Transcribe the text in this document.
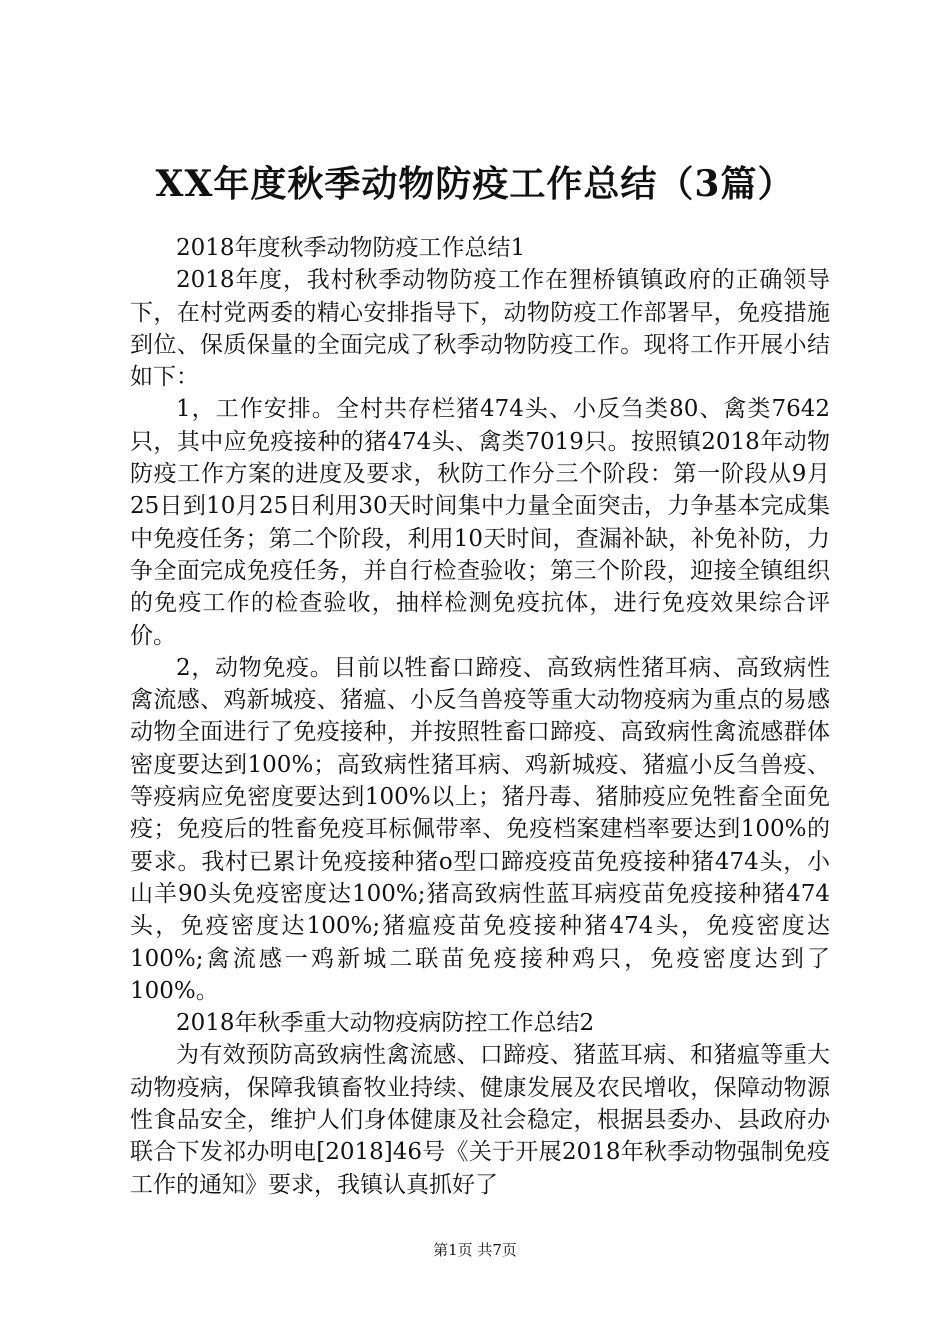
XX年度秋季动物防疫工作总结（3篇）

2018年度秋季动物防疫工作总结1

2018年度，我村秋季动物防疫工作在狸桥镇镇政府的正确领导下，在村党两委的精心安排指导下，动物防疫工作部署早，免疫措施到位、保质保量的全面完成了秋季动物防疫工作。现将工作开展小结如下：

1，工作安排。全村共存栏猪474头、小反刍类80、禽类7642只，其中应免疫接种的猪474头、禽类7019只。按照镇2018年动物防疫工作方案的进度及要求，秋防工作分三个阶段：第一阶段从9月25日到10月25日利用30天时间集中力量全面突击，力争基本完成集中免疫任务；第二个阶段，利用10天时间，查漏补缺，补免补防，力争全面完成免疫任务，并自行检查验收；第三个阶段，迎接全镇组织的免疫工作的检查验收，抽样检测免疫抗体，进行免疫效果综合评价。

2，动物免疫。目前以牲畜口蹄疫、高致病性猪耳病、高致病性禽流感、鸡新城疫、猪瘟、小反刍兽疫等重大动物疫病为重点的易感动物全面进行了免疫接种，并按照牲畜口蹄疫、高致病性禽流感群体密度要达到100%；高致病性猪耳病、鸡新城疫、猪瘟小反刍兽疫、等疫病应免密度要达到100%以上；猪丹毒、猪肺疫应免牲畜全面免疫；免疫后的牲畜免疫耳标佩带率、免疫档案建档率要达到100%的要求。我村已累计免疫接种猪o型口蹄疫疫苗免疫接种猪474头，小山羊90头免疫密度达100%;猪高致病性蓝耳病疫苗免疫接种猪474头，免疫密度达100%;猪瘟疫苗免疫接种猪474头，免疫密度达100%;禽流感一鸡新城二联苗免疫接种鸡只，免疫密度达到了100%。

2018年秋季重大动物疫病防控工作总结2

为有效预防高致病性禽流感、口蹄疫、猪蓝耳病、和猪瘟等重大动物疫病，保障我镇畜牧业持续、健康发展及农民增收，保障动物源性食品安全，维护人们身体健康及社会稳定，根据县委办、县政府办联合下发祁办明电[2018]46号《关于开展2018年秋季动物强制免疫工作的通知》要求，我镇认真抓好了

第1页 共7页
